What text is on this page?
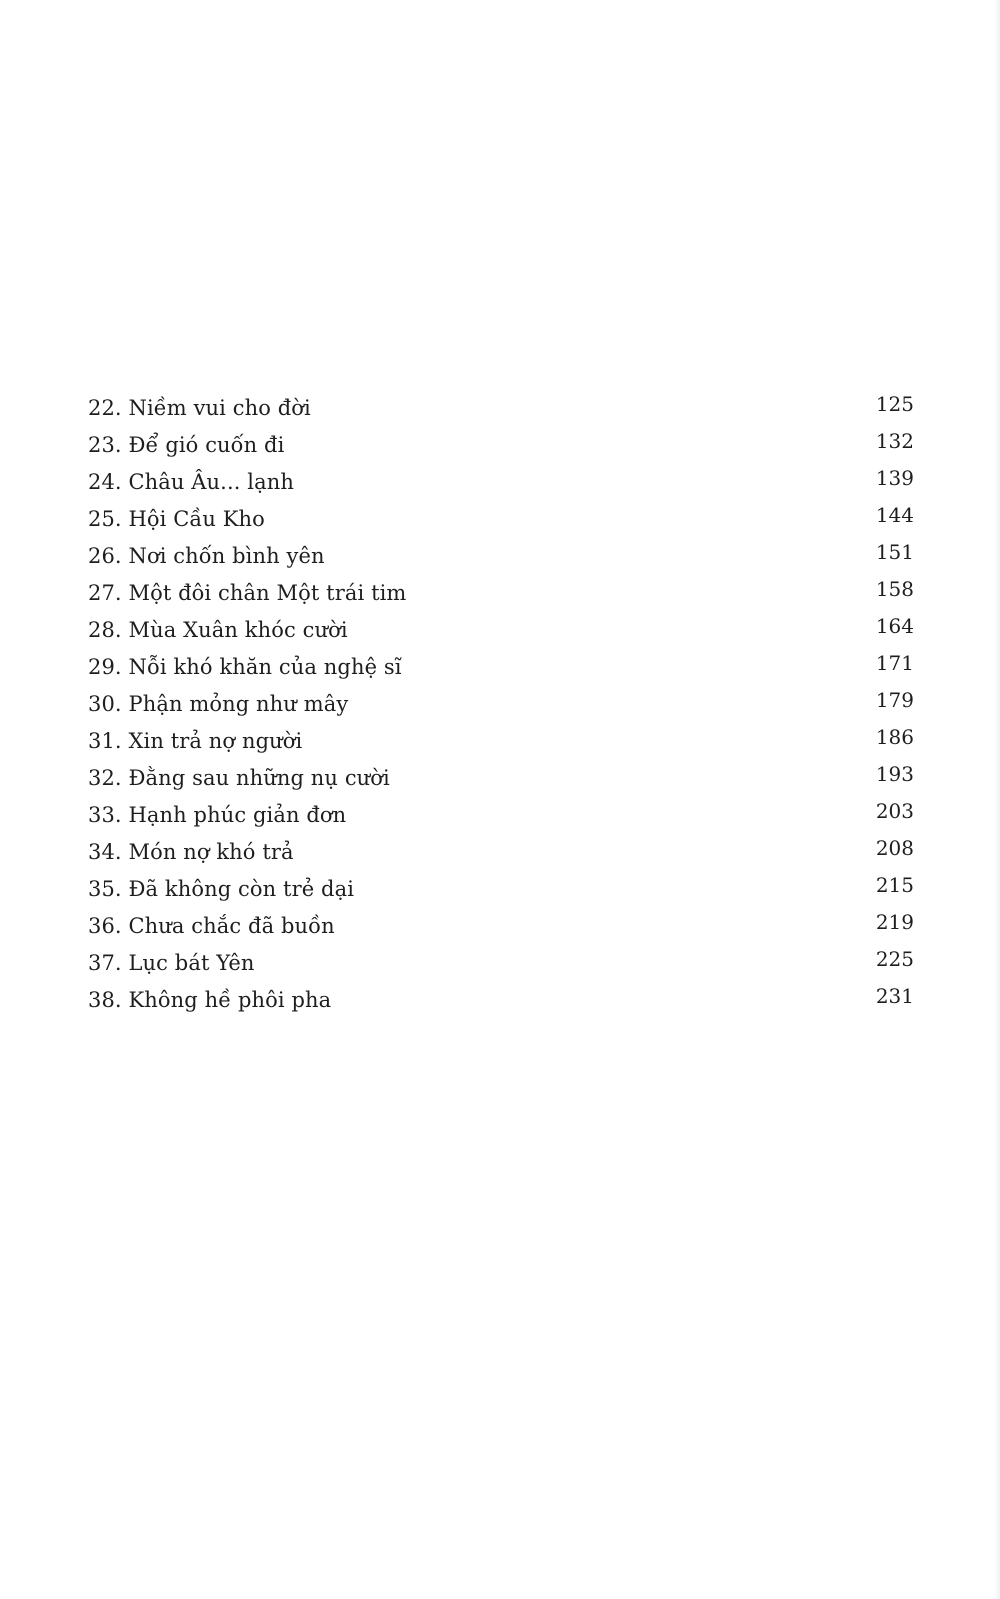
22. Niềm vui cho đời	125
23. Để gió cuốn đi	132
24. Châu Âu... lạnh	139
25. Hội Cầu Kho	144
26. Nơi chốn bình yên	151
27. Một đôi chân Một trái tim	158
28. Mùa Xuân khóc cười	164
29. Nỗi khó khăn của nghệ sĩ	171
30. Phận mỏng như mây	179
31. Xin trả nợ người	186
32. Đằng sau những nụ cười	193
33. Hạnh phúc giản đơn	203
34. Món nợ khó trả	208
35. Đã không còn trẻ dại	215
36. Chưa chắc đã buồn	219
37. Lục bát Yên	225
38. Không hề phôi pha	231
